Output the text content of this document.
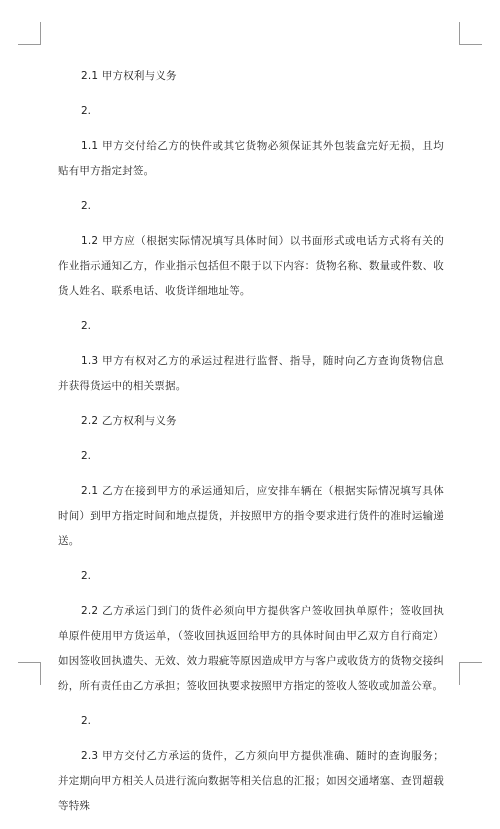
2.1 甲方权利与义务

2.

1.1 甲方交付给乙方的快件或其它货物必须保证其外包装盒完好无损，且均贴有甲方指定封签。

2.

1.2 甲方应（根据实际情况填写具体时间）以书面形式或电话方式将有关的作业指示通知乙方，作业指示包括但不限于以下内容：货物名称、数量或件数、收货人姓名、联系电话、收货详细地址等。

2.

1.3 甲方有权对乙方的承运过程进行监督、指导，随时向乙方查询货物信息并获得货运中的相关票据。

2.2 乙方权利与义务

2.

2.1 乙方在接到甲方的承运通知后，应安排车辆在（根据实际情况填写具体时间）到甲方指定时间和地点提货，并按照甲方的指令要求进行货件的准时运输递送。

2.

2.2 乙方承运门到门的货件必须向甲方提供客户签收回执单原件；签收回执单原件使用甲方货运单，（签收回执返回给甲方的具体时间由甲乙双方自行商定）如因签收回执遗失、无效、效力瑕疵等原因造成甲方与客户或收货方的货物交接纠纷，所有责任由乙方承担；签收回执要求按照甲方指定的签收人签收或加盖公章。

2.

2.3 甲方交付乙方承运的货件，乙方须向甲方提供准确、随时的查询服务；并定期向甲方相关人员进行流向数据等相关信息的汇报；如因交通堵塞、查罚超载等特殊
